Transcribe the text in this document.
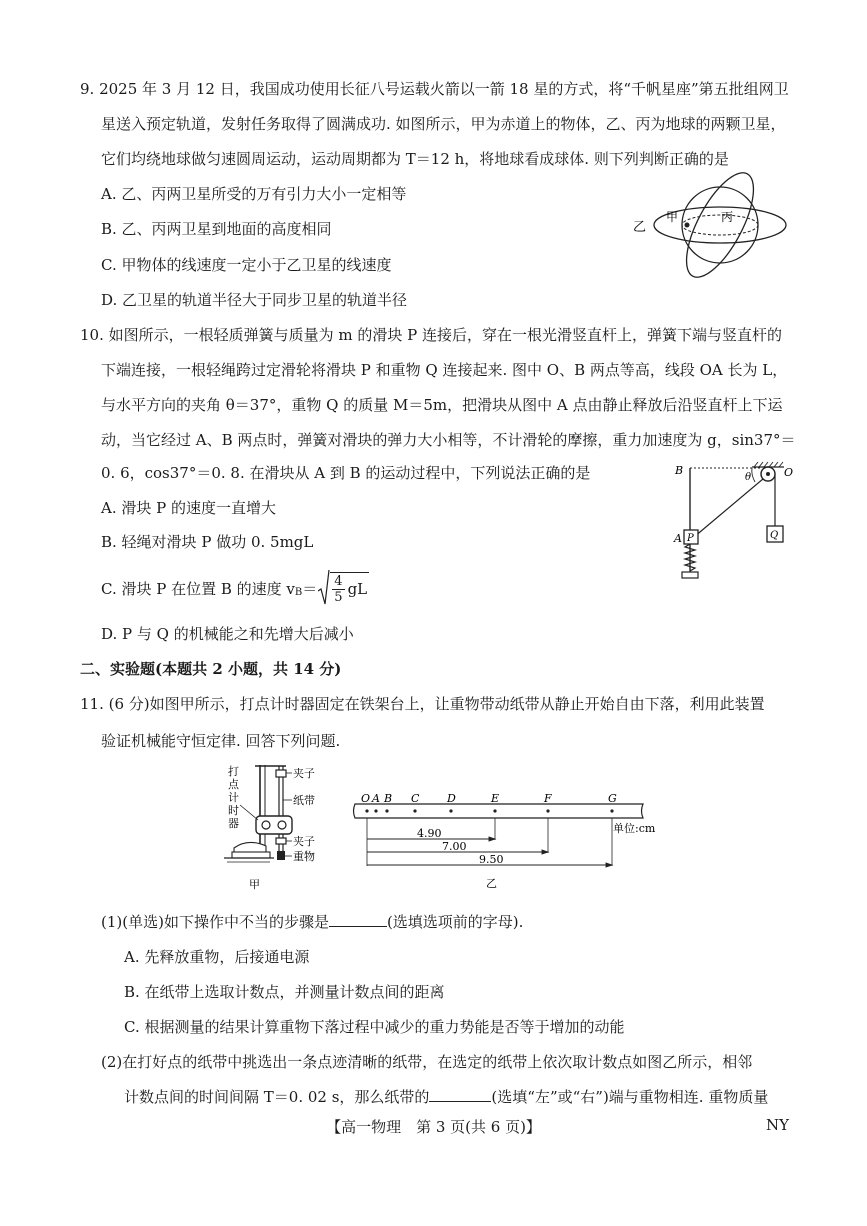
9. 2025 年 3 月 12 日，我国成功使用长征八号运载火箭以一箭 18 星的方式，将“千帆星座”第五批组网卫
星送入预定轨道，发射任务取得了圆满成功. 如图所示，甲为赤道上的物体，乙、丙为地球的两颗卫星，
它们均绕地球做匀速圆周运动，运动周期都为 T＝12 h，将地球看成球体. 则下列判断正确的是
A. 乙、丙两卫星所受的万有引力大小一定相等
B. 乙、丙两卫星到地面的高度相同
C. 甲物体的线速度一定小于乙卫星的线速度
D. 乙卫星的轨道半径大于同步卫星的轨道半径
乙
甲	丙
10. 如图所示，一根轻质弹簧与质量为 m 的滑块 P 连接后，穿在一根光滑竖直杆上，弹簧下端与竖直杆的
下端连接，一根轻绳跨过定滑轮将滑块 P 和重物 Q 连接起来. 图中 O、B 两点等高，线段 OA 长为 L，
与水平方向的夹角 θ＝37°，重物 Q 的质量 M＝5m，把滑块从图中 A 点由静止释放后沿竖直杆上下运
动，当它经过 A、B 两点时，弹簧对滑块的弹力大小相等，不计滑轮的摩擦，重力加速度为 g，sin37°＝
0. 6，cos37°＝0. 8. 在滑块从 A 到 B 的运动过程中，下列说法正确的是
A. 滑块 P 的速度一直增大
B. 轻绳对滑块 P 做功 0. 5mgL
C. 滑块 P 在位置 B 的速度 v $B = \frac{4}{5}$ gL
D. P 与 Q 的机械能之和先增大后减小
B	O
θ
A P	Q
二、实验题(本题共 2 小题，共 14 分)
11. (6 分)如图甲所示，打点计时器固定在铁架台上，让重物带动纸带从静止开始自由下落，利用此装置
验证机械能守恒定律. 回答下列问题.
打
点
计
时
器
夹子
纸带
夹子
重物
甲
O A B C	D	E	F	G
4.90
7.00
9.50
单位:cm
乙
(1)(单选)如下操作中不当的步骤是	(选填选项前的字母).
A. 先释放重物，后接通电源
B. 在纸带上选取计数点，并测量计数点间的距离
C. 根据测量的结果计算重物下落过程中减少的重力势能是否等于增加的动能
(2)在打好点的纸带中挑选出一条点迹清晰的纸带，在选定的纸带上依次取计数点如图乙所示，相邻
计数点间的时间间隔 T＝0. 02 s，那么纸带的	(选填“左”或“右”)端与重物相连. 重物质量
【高一物理　第 3 页(共 6 页)】	NY
